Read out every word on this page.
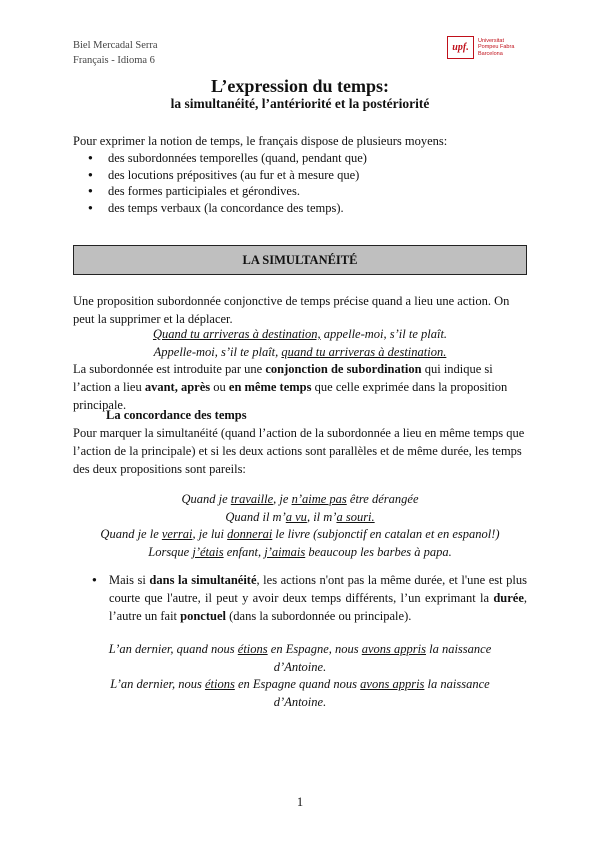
Biel Mercadal Serra
Français - Idioma 6
upf.
Universitat
Pompeu Fabra
Barcelona
L’expression du temps:
la simultanéité, l’antériorité et la postériorité
Pour exprimer la notion de temps, le français dispose de plusieurs moyens:
● des subordonnées temporelles (quand, pendant que)
● des locutions prépositives (au fur et à mesure que)
● des formes participiales et gérondives.
● des temps verbaux (la concordance des temps).
LA SIMULTANÉITÉ
Une proposition subordonnée conjonctive de temps précise quand a lieu une action. On peut la supprimer et la déplacer.
Quand tu arriveras à destination, appelle-moi, s’il te plaît.
Appelle-moi, s’il te plaît, quand tu arriveras à destination.
La subordonnée est introduite par une conjonction de subordination qui indique si l’action a lieu avant, après ou en même temps que celle exprimée dans la proposition principale.
La concordance des temps
Pour marquer la simultanéité (quand l’action de la subordonnée a lieu en même temps que l’action de la principale) et si les deux actions sont parallèles et de même durée, les temps des deux propositions sont pareils:
Quand je travaille, je n’aime pas être dérangée
Quand il m’a vu, il m’a souri.
Quand je le verrai, je lui donnerai le livre (subjonctif en catalan et en espanol!)
Lorsque j’étais enfant, j’aimais beaucoup les barbes à papa.
● Mais si dans la simultanéité, les actions n'ont pas la même durée, et l'une est plus courte que l'autre, il peut y avoir deux temps différents, l’un exprimant la durée, l’autre un fait ponctuel (dans la subordonnée ou principale).
L’an dernier, quand nous étions en Espagne, nous avons appris la naissance
d’Antoine.
L’an dernier, nous étions en Espagne quand nous avons appris la naissance
d’Antoine.
1
